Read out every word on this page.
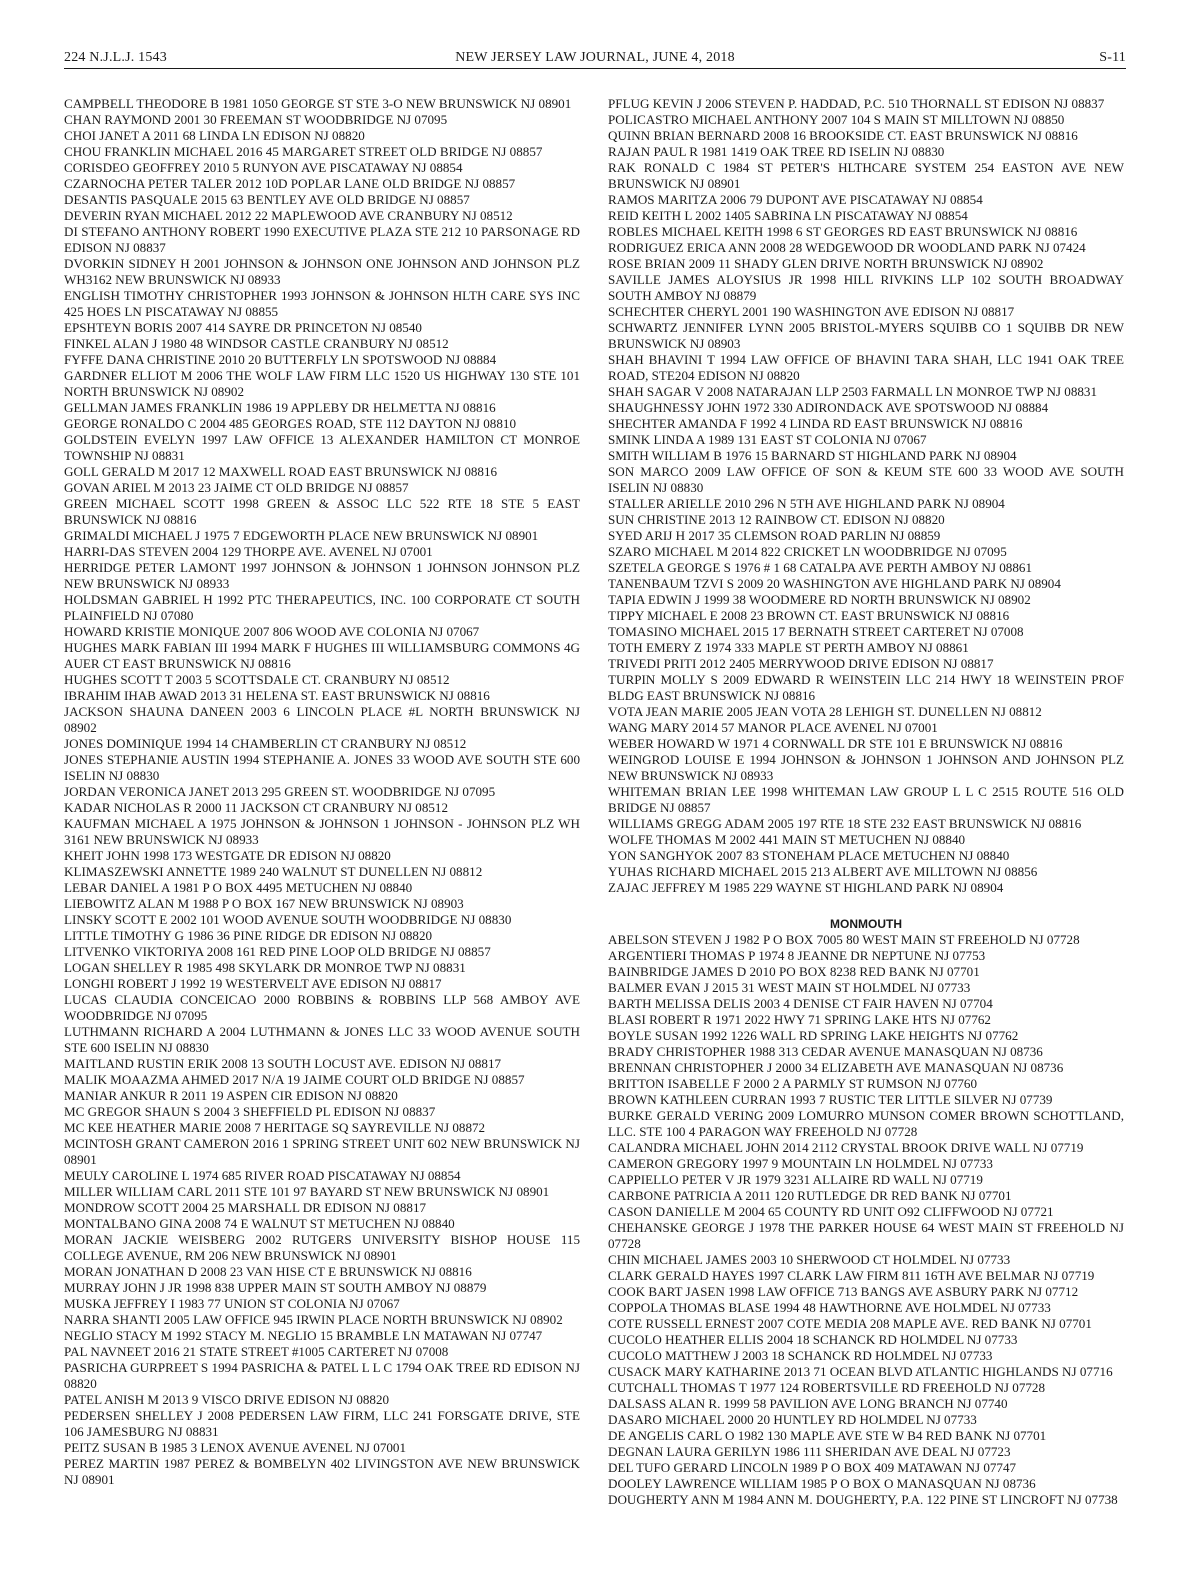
224 N.J.L.J. 1543	NEW JERSEY LAW JOURNAL, JUNE 4, 2018	S-11
CAMPBELL THEODORE B 1981 1050 GEORGE ST STE 3-O NEW BRUNSWICK NJ 08901
CHAN RAYMOND 2001 30 FREEMAN ST WOODBRIDGE NJ 07095
CHOI JANET A 2011 68 LINDA LN EDISON NJ 08820
CHOU FRANKLIN MICHAEL 2016 45 MARGARET STREET OLD BRIDGE NJ 08857
CORISDEO GEOFFREY 2010 5 RUNYON AVE PISCATAWAY NJ 08854
CZARNOCHA PETER TALER 2012 10D POPLAR LANE OLD BRIDGE NJ 08857
DESANTIS PASQUALE 2015 63 BENTLEY AVE OLD BRIDGE NJ 08857
DEVERIN RYAN MICHAEL 2012 22 MAPLEWOOD AVE CRANBURY NJ 08512
DI STEFANO ANTHONY ROBERT 1990 EXECUTIVE PLAZA STE 212 10 PARSONAGE RD EDISON NJ 08837
DVORKIN SIDNEY H 2001 JOHNSON & JOHNSON ONE JOHNSON AND JOHNSON PLZ WH3162 NEW BRUNSWICK NJ 08933
ENGLISH TIMOTHY CHRISTOPHER 1993 JOHNSON & JOHNSON HLTH CARE SYS INC 425 HOES LN PISCATAWAY NJ 08855
EPSHTEYN BORIS 2007 414 SAYRE DR PRINCETON NJ 08540
FINKEL ALAN J 1980 48 WINDSOR CASTLE CRANBURY NJ 08512
FYFFE DANA CHRISTINE 2010 20 BUTTERFLY LN SPOTSWOOD NJ 08884
GARDNER ELLIOT M 2006 THE WOLF LAW FIRM LLC 1520 US HIGHWAY 130 STE 101 NORTH BRUNSWICK NJ 08902
GELLMAN JAMES FRANKLIN 1986 19 APPLEBY DR HELMETTA NJ 08816
GEORGE RONALDO C 2004 485 GEORGES ROAD, STE 112 DAYTON NJ 08810
GOLDSTEIN EVELYN 1997 LAW OFFICE 13 ALEXANDER HAMILTON CT MONROE TOWNSHIP NJ 08831
GOLL GERALD M 2017 12 MAXWELL ROAD EAST BRUNSWICK NJ 08816
GOVAN ARIEL M 2013 23 JAIME CT OLD BRIDGE NJ 08857
GREEN MICHAEL SCOTT 1998 GREEN & ASSOC LLC 522 RTE 18 STE 5 EAST BRUNSWICK NJ 08816
GRIMALDI MICHAEL J 1975 7 EDGEWORTH PLACE NEW BRUNSWICK NJ 08901
HARRI-DAS STEVEN 2004 129 THORPE AVE. AVENEL NJ 07001
HERRIDGE PETER LAMONT 1997 JOHNSON & JOHNSON 1 JOHNSON JOHNSON PLZ NEW BRUNSWICK NJ 08933
HOLDSMAN GABRIEL H 1992 PTC THERAPEUTICS, INC. 100 CORPORATE CT SOUTH PLAINFIELD NJ 07080
HOWARD KRISTIE MONIQUE 2007 806 WOOD AVE COLONIA NJ 07067
HUGHES MARK FABIAN III 1994 MARK F HUGHES III WILLIAMSBURG COMMONS 4G AUER CT EAST BRUNSWICK NJ 08816
HUGHES SCOTT T 2003 5 SCOTTSDALE CT. CRANBURY NJ 08512
IBRAHIM IHAB AWAD 2013 31 HELENA ST. EAST BRUNSWICK NJ 08816
JACKSON SHAUNA DANEEN 2003 6 LINCOLN PLACE #L NORTH BRUNSWICK NJ 08902
JONES DOMINIQUE 1994 14 CHAMBERLIN CT CRANBURY NJ 08512
JONES STEPHANIE AUSTIN 1994 STEPHANIE A. JONES 33 WOOD AVE SOUTH STE 600 ISELIN NJ 08830
JORDAN VERONICA JANET 2013 295 GREEN ST. WOODBRIDGE NJ 07095
KADAR NICHOLAS R 2000 11 JACKSON CT CRANBURY NJ 08512
KAUFMAN MICHAEL A 1975 JOHNSON & JOHNSON 1 JOHNSON - JOHNSON PLZ WH 3161 NEW BRUNSWICK NJ 08933
KHEIT JOHN 1998 173 WESTGATE DR EDISON NJ 08820
KLIMASZEWSKI ANNETTE 1989 240 WALNUT ST DUNELLEN NJ 08812
LEBAR DANIEL A 1981 P O BOX 4495 METUCHEN NJ 08840
LIEBOWITZ ALAN M 1988 P O BOX 167 NEW BRUNSWICK NJ 08903
LINSKY SCOTT E 2002 101 WOOD AVENUE SOUTH WOODBRIDGE NJ 08830
LITTLE TIMOTHY G 1986 36 PINE RIDGE DR EDISON NJ 08820
LITVENKO VIKTORIYA 2008 161 RED PINE LOOP OLD BRIDGE NJ 08857
LOGAN SHELLEY R 1985 498 SKYLARK DR MONROE TWP NJ 08831
LONGHI ROBERT J 1992 19 WESTERVELT AVE EDISON NJ 08817
LUCAS CLAUDIA CONCEICAO 2000 ROBBINS & ROBBINS LLP 568 AMBOY AVE WOODBRIDGE NJ 07095
LUTHMANN RICHARD A 2004 LUTHMANN & JONES LLC 33 WOOD AVENUE SOUTH STE 600 ISELIN NJ 08830
MAITLAND RUSTIN ERIK 2008 13 SOUTH LOCUST AVE. EDISON NJ 08817
MALIK MOAAZMA AHMED 2017 N/A 19 JAIME COURT OLD BRIDGE NJ 08857
MANIAR ANKUR R 2011 19 ASPEN CIR EDISON NJ 08820
MC GREGOR SHAUN S 2004 3 SHEFFIELD PL EDISON NJ 08837
MC KEE HEATHER MARIE 2008 7 HERITAGE SQ SAYREVILLE NJ 08872
MCINTOSH GRANT CAMERON 2016 1 SPRING STREET UNIT 602 NEW BRUNSWICK NJ 08901
MEULY CAROLINE L 1974 685 RIVER ROAD PISCATAWAY NJ 08854
MILLER WILLIAM CARL 2011 STE 101 97 BAYARD ST NEW BRUNSWICK NJ 08901
MONDROW SCOTT 2004 25 MARSHALL DR EDISON NJ 08817
MONTALBANO GINA 2008 74 E WALNUT ST METUCHEN NJ 08840
MORAN JACKIE WEISBERG 2002 RUTGERS UNIVERSITY BISHOP HOUSE 115 COLLEGE AVENUE, RM 206 NEW BRUNSWICK NJ 08901
MORAN JONATHAN D 2008 23 VAN HISE CT E BRUNSWICK NJ 08816
MURRAY JOHN J JR 1998 838 UPPER MAIN ST SOUTH AMBOY NJ 08879
MUSKA JEFFREY I 1983 77 UNION ST COLONIA NJ 07067
NARRA SHANTI 2005 LAW OFFICE 945 IRWIN PLACE NORTH BRUNSWICK NJ 08902
NEGLIO STACY M 1992 STACY M. NEGLIO 15 BRAMBLE LN MATAWAN NJ 07747
PAL NAVNEET 2016 21 STATE STREET #1005 CARTERET NJ 07008
PASRICHA GURPREET S 1994 PASRICHA & PATEL L L C 1794 OAK TREE RD EDISON NJ 08820
PATEL ANISH M 2013 9 VISCO DRIVE EDISON NJ 08820
PEDERSEN SHELLEY J 2008 PEDERSEN LAW FIRM, LLC 241 FORSGATE DRIVE, STE 106 JAMESBURG NJ 08831
PEITZ SUSAN B 1985 3 LENOX AVENUE AVENEL NJ 07001
PEREZ MARTIN 1987 PEREZ & BOMBELYN 402 LIVINGSTON AVE NEW BRUNSWICK NJ 08901
PFLUG KEVIN J 2006 STEVEN P. HADDAD, P.C. 510 THORNALL ST EDISON NJ 08837
POLICASTRO MICHAEL ANTHONY 2007 104 S MAIN ST MILLTOWN NJ 08850
QUINN BRIAN BERNARD 2008 16 BROOKSIDE CT. EAST BRUNSWICK NJ 08816
RAJAN PAUL R 1981 1419 OAK TREE RD ISELIN NJ 08830
RAK RONALD C 1984 ST PETER'S HLTHCARE SYSTEM 254 EASTON AVE NEW BRUNSWICK NJ 08901
RAMOS MARITZA 2006 79 DUPONT AVE PISCATAWAY NJ 08854
REID KEITH L 2002 1405 SABRINA LN PISCATAWAY NJ 08854
ROBLES MICHAEL KEITH 1998 6 ST GEORGES RD EAST BRUNSWICK NJ 08816
RODRIGUEZ ERICA ANN 2008 28 WEDGEWOOD DR WOODLAND PARK NJ 07424
ROSE BRIAN 2009 11 SHADY GLEN DRIVE NORTH BRUNSWICK NJ 08902
SAVILLE JAMES ALOYSIUS JR 1998 HILL RIVKINS LLP 102 SOUTH BROADWAY SOUTH AMBOY NJ 08879
SCHECHTER CHERYL 2001 190 WASHINGTON AVE EDISON NJ 08817
SCHWARTZ JENNIFER LYNN 2005 BRISTOL-MYERS SQUIBB CO 1 SQUIBB DR NEW BRUNSWICK NJ 08903
SHAH BHAVINI T 1994 LAW OFFICE OF BHAVINI TARA SHAH, LLC 1941 OAK TREE ROAD, STE204 EDISON NJ 08820
SHAH SAGAR V 2008 NATARAJAN LLP 2503 FARMALL LN MONROE TWP NJ 08831
SHAUGHNESSY JOHN 1972 330 ADIRONDACK AVE SPOTSWOOD NJ 08884
SHECHTER AMANDA F 1992 4 LINDA RD EAST BRUNSWICK NJ 08816
SMINK LINDA A 1989 131 EAST ST COLONIA NJ 07067
SMITH WILLIAM B 1976 15 BARNARD ST HIGHLAND PARK NJ 08904
SON MARCO 2009 LAW OFFICE OF SON & KEUM STE 600 33 WOOD AVE SOUTH ISELIN NJ 08830
STALLER ARIELLE 2010 296 N 5TH AVE HIGHLAND PARK NJ 08904
SUN CHRISTINE 2013 12 RAINBOW CT. EDISON NJ 08820
SYED ARIJ H 2017 35 CLEMSON ROAD PARLIN NJ 08859
SZARO MICHAEL M 2014 822 CRICKET LN WOODBRIDGE NJ 07095
SZETELA GEORGE S 1976 # 1 68 CATALPA AVE PERTH AMBOY NJ 08861
TANENBAUM TZVI S 2009 20 WASHINGTON AVE HIGHLAND PARK NJ 08904
TAPIA EDWIN J 1999 38 WOODMERE RD NORTH BRUNSWICK NJ 08902
TIPPY MICHAEL E 2008 23 BROWN CT. EAST BRUNSWICK NJ 08816
TOMASINO MICHAEL 2015 17 BERNATH STREET CARTERET NJ 07008
TOTH EMERY Z 1974 333 MAPLE ST PERTH AMBOY NJ 08861
TRIVEDI PRITI 2012 2405 MERRYWOOD DRIVE EDISON NJ 08817
TURPIN MOLLY S 2009 EDWARD R WEINSTEIN LLC 214 HWY 18 WEINSTEIN PROF BLDG EAST BRUNSWICK NJ 08816
VOTA JEAN MARIE 2005 JEAN VOTA 28 LEHIGH ST. DUNELLEN NJ 08812
WANG MARY 2014 57 MANOR PLACE AVENEL NJ 07001
WEBER HOWARD W 1971 4 CORNWALL DR STE 101 E BRUNSWICK NJ 08816
WEINGROD LOUISE E 1994 JOHNSON & JOHNSON 1 JOHNSON AND JOHNSON PLZ NEW BRUNSWICK NJ 08933
WHITEMAN BRIAN LEE 1998 WHITEMAN LAW GROUP L L C 2515 ROUTE 516 OLD BRIDGE NJ 08857
WILLIAMS GREGG ADAM 2005 197 RTE 18 STE 232 EAST BRUNSWICK NJ 08816
WOLFE THOMAS M 2002 441 MAIN ST METUCHEN NJ 08840
YON SANGHYOK 2007 83 STONEHAM PLACE METUCHEN NJ 08840
YUHAS RICHARD MICHAEL 2015 213 ALBERT AVE MILLTOWN NJ 08856
ZAJAC JEFFREY M 1985 229 WAYNE ST HIGHLAND PARK NJ 08904
MONMOUTH
ABELSON STEVEN J 1982 P O BOX 7005 80 WEST MAIN ST FREEHOLD NJ 07728
ARGENTIERI THOMAS P 1974 8 JEANNE DR NEPTUNE NJ 07753
BAINBRIDGE JAMES D 2010 PO BOX 8238 RED BANK NJ 07701
BALMER EVAN J 2015 31 WEST MAIN ST HOLMDEL NJ 07733
BARTH MELISSA DELIS 2003 4 DENISE CT FAIR HAVEN NJ 07704
BLASI ROBERT R 1971 2022 HWY 71 SPRING LAKE HTS NJ 07762
BOYLE SUSAN 1992 1226 WALL RD SPRING LAKE HEIGHTS NJ 07762
BRADY CHRISTOPHER 1988 313 CEDAR AVENUE MANASQUAN NJ 08736
BRENNAN CHRISTOPHER J 2000 34 ELIZABETH AVE MANASQUAN NJ 08736
BRITTON ISABELLE F 2000 2 A PARMLY ST RUMSON NJ 07760
BROWN KATHLEEN CURRAN 1993 7 RUSTIC TER LITTLE SILVER NJ 07739
BURKE GERALD VERING 2009 LOMURRO MUNSON COMER BROWN SCHOTTLAND, LLC. STE 100 4 PARAGON WAY FREEHOLD NJ 07728
CALANDRA MICHAEL JOHN 2014 2112 CRYSTAL BROOK DRIVE WALL NJ 07719
CAMERON GREGORY 1997 9 MOUNTAIN LN HOLMDEL NJ 07733
CAPPIELLO PETER V JR 1979 3231 ALLAIRE RD WALL NJ 07719
CARBONE PATRICIA A 2011 120 RUTLEDGE DR RED BANK NJ 07701
CASON DANIELLE M 2004 65 COUNTY RD UNIT O92 CLIFFWOOD NJ 07721
CHEHANSKE GEORGE J 1978 THE PARKER HOUSE 64 WEST MAIN ST FREEHOLD NJ 07728
CHIN MICHAEL JAMES 2003 10 SHERWOOD CT HOLMDEL NJ 07733
CLARK GERALD HAYES 1997 CLARK LAW FIRM 811 16TH AVE BELMAR NJ 07719
COOK BART JASEN 1998 LAW OFFICE 713 BANGS AVE ASBURY PARK NJ 07712
COPPOLA THOMAS BLASE 1994 48 HAWTHORNE AVE HOLMDEL NJ 07733
COTE RUSSELL ERNEST 2007 COTE MEDIA 208 MAPLE AVE. RED BANK NJ 07701
CUCOLO HEATHER ELLIS 2004 18 SCHANCK RD HOLMDEL NJ 07733
CUCOLO MATTHEW J 2003 18 SCHANCK RD HOLMDEL NJ 07733
CUSACK MARY KATHARINE 2013 71 OCEAN BLVD ATLANTIC HIGHLANDS NJ 07716
CUTCHALL THOMAS T 1977 124 ROBERTSVILLE RD FREEHOLD NJ 07728
DALSASS ALAN R. 1999 58 PAVILION AVE LONG BRANCH NJ 07740
DASARO MICHAEL 2000 20 HUNTLEY RD HOLMDEL NJ 07733
DE ANGELIS CARL O 1982 130 MAPLE AVE STE W B4 RED BANK NJ 07701
DEGNAN LAURA GERILYN 1986 111 SHERIDAN AVE DEAL NJ 07723
DEL TUFO GERARD LINCOLN 1989 P O BOX 409 MATAWAN NJ 07747
DOOLEY LAWRENCE WILLIAM 1985 P O BOX O MANASQUAN NJ 08736
DOUGHERTY ANN M 1984 ANN M. DOUGHERTY, P.A. 122 PINE ST LINCROFT NJ 07738
